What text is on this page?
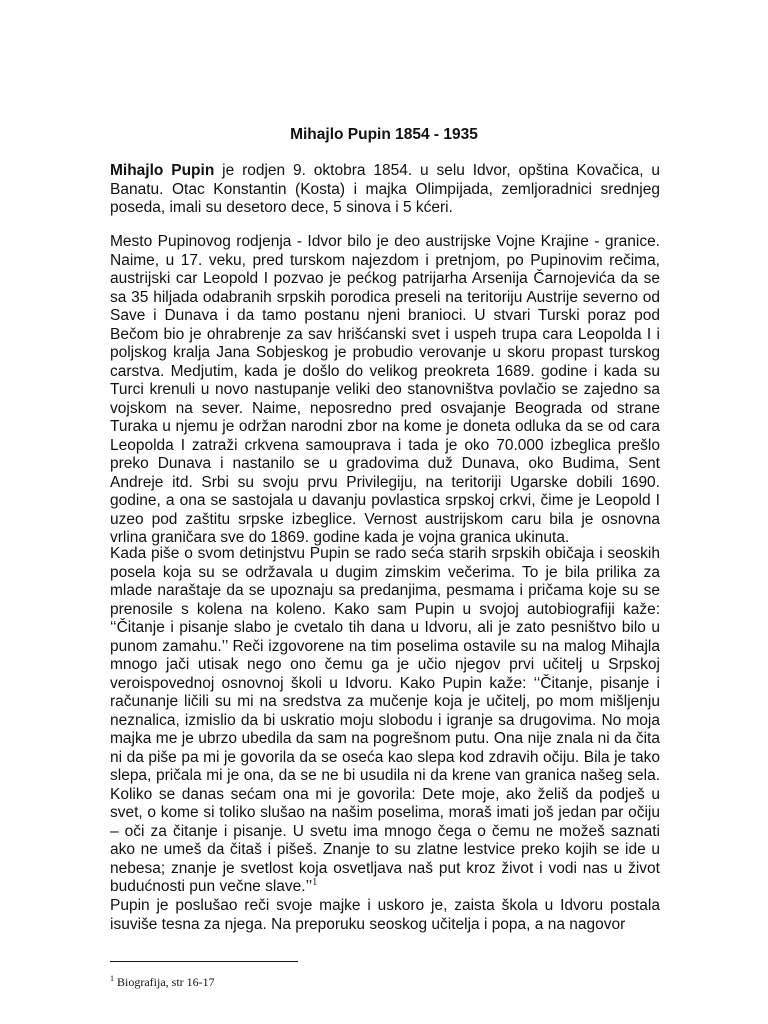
Mihajlo Pupin 1854 - 1935

Mihajlo Pupin je rodjen 9. oktobra 1854. u selu Idvor, opština Kovačica, u Banatu. Otac Konstantin (Kosta) i majka Olimpijada, zemljoradnici srednjeg poseda, imali su desetoro dece, 5 sinova i 5 kćeri.

Mesto Pupinovog rodjenja - Idvor bilo je deo austrijske Vojne Krajine - granice. Naime, u 17. veku, pred turskom najezdom i pretnjom, po Pupinovim rečima, austrijski car Leopold I pozvao je pećkog patrijarha Arsenija Čarnojevića da se sa 35 hiljada odabranih srpskih porodica preseli na teritoriju Austrije severno od Save i Dunava i da tamo postanu njeni branioci. U stvari Turski poraz pod Bečom bio je ohrabrenje za sav hrišćanski svet i uspeh trupa cara Leopolda I i poljskog kralja Jana Sobjeskog je probudio verovanje u skoru propast turskog carstva. Medjutim, kada je došlo do velikog preokreta 1689. godine i kada su Turci krenuli u novo nastupanje veliki deo stanovništva povlačio se zajedno sa vojskom na sever. Naime, neposredno pred osvajanje Beograda od strane Turaka u njemu je održan narodni zbor na kome je doneta odluka da se od cara Leopolda I zatraži crkvena samouprava i tada je oko 70.000 izbeglica prešlo preko Dunava i nastanilo se u gradovima duž Dunava, oko Budima, Sent Andreje itd. Srbi su svoju prvu Privilegiju, na teritoriji Ugarske dobili 1690. godine, a ona se sastojala u davanju povlastica srpskoj crkvi, čime je Leopold I uzeo pod zaštitu srpske izbeglice. Vernost austrijskom caru bila je osnovna vrlina graničara sve do 1869. godine kada je vojna granica ukinuta.

Kada piše o svom detinjstvu Pupin se rado seća starih srpskih običaja i seoskih posela koja su se održavala u dugim zimskim večerima. To je bila prilika za mlade naraštaje da se upoznaju sa predanjima, pesmama i pričama koje su se prenosile s kolena na koleno. Kako sam Pupin u svojoj autobiografiji kaže: ‘‘Čitanje i pisanje slabo je cvetalo tih dana u Idvoru, ali je zato pesništvo bilo u punom zamahu.’’ Reči izgovorene na tim poselima ostavile su na malog Mihajla mnogo jači utisak nego ono čemu ga je učio njegov prvi učitelj u Srpskoj veroispovednoj osnovnoj školi u Idvoru. Kako Pupin kaže: ‘‘Čitanje, pisanje i računanje ličili su mi na sredstva za mučenje koja je učitelj, po mom mišljenju neznalica, izmislio da bi uskratio moju slobodu i igranje sa drugovima. No moja majka me je ubrzo ubedila da sam na pogrešnom putu. Ona nije znala ni da čita ni da piše pa mi je govorila da se oseća kao slepa kod zdravih očiju. Bila je tako slepa, pričala mi je ona, da se ne bi usudila ni da krene van granica našeg sela. Koliko se danas sećam ona mi je govorila: Dete moje, ako želiš da podješ u svet, o kome si toliko slušao na našim poselima, moraš imati još jedan par očiju – oči za čitanje i pisanje. U svetu ima mnogo čega o čemu ne možeš saznati ako ne umeš da čitaš i pišeš. Znanje to su zlatne lestvice preko kojih se ide u nebesa; znanje je svetlost koja osvetljava naš put kroz život i vodi nas u život budućnosti pun večne slave.’’$^1$

Pupin je poslušao reči svoje majke i uskoro je, zaista škola u Idvoru postala isuviše tesna za njega. Na preporuku seoskog učitelja i popa, a na nagovor

$^1$ Biografija, str 16-17
